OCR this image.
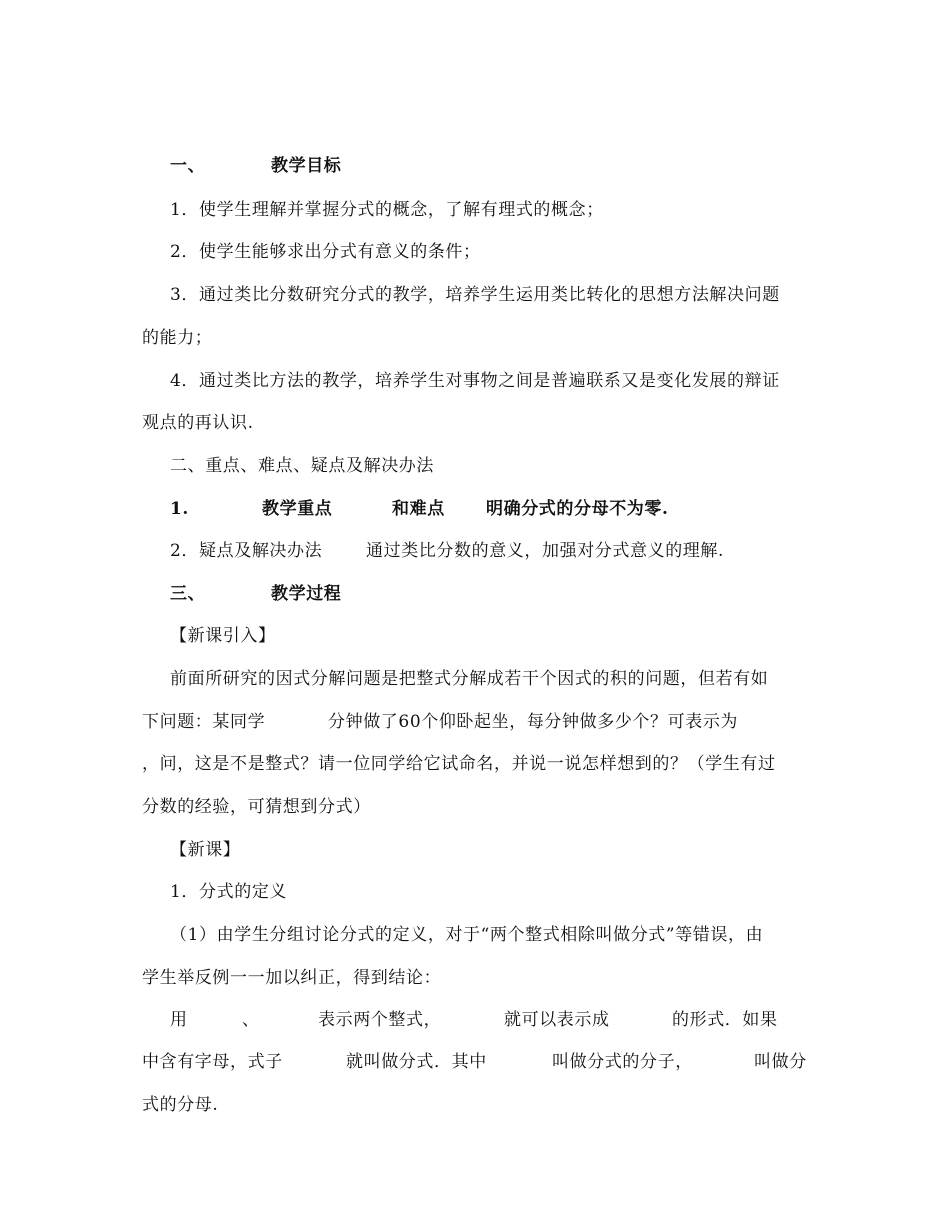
一、	教学目标
1．使学生理解并掌握分式的概念，了解有理式的概念；
2．使学生能够求出分式有意义的条件；
3．通过类比分数研究分式的教学，培养学生运用类比转化的思想方法解决问题
的能力；
4．通过类比方法的教学，培养学生对事物之间是普遍联系又是变化发展的辩证
观点的再认识.
二、重点、难点、疑点及解决办法
1.	教学重点	和难点 明确分式的分母不为零.
2．疑点及解决办法	通过类比分数的意义，加强对分式意义的理解.
三、	教学过程
【新课引入】
前面所研究的因式分解问题是把整式分解成若干个因式的积的问题，但若有如
下问题：某同学	分钟做了60个仰卧起坐，每分钟做多少个？可表示为
，问，这是不是整式？请一位同学给它试命名，并说一说怎样想到的？（学生有过
分数的经验，可猜想到分式）
【新课】
1．分式的定义
（1）由学生分组讨论分式的定义，对于“两个整式相除叫做分式”等错误，由
学生举反例一一加以纠正，得到结论：
用	、	表示两个整式，	就可以表示成	的形式．如果
中含有字母，式子	就叫做分式．其中	叫做分式的分子，	叫做分
式的分母.
